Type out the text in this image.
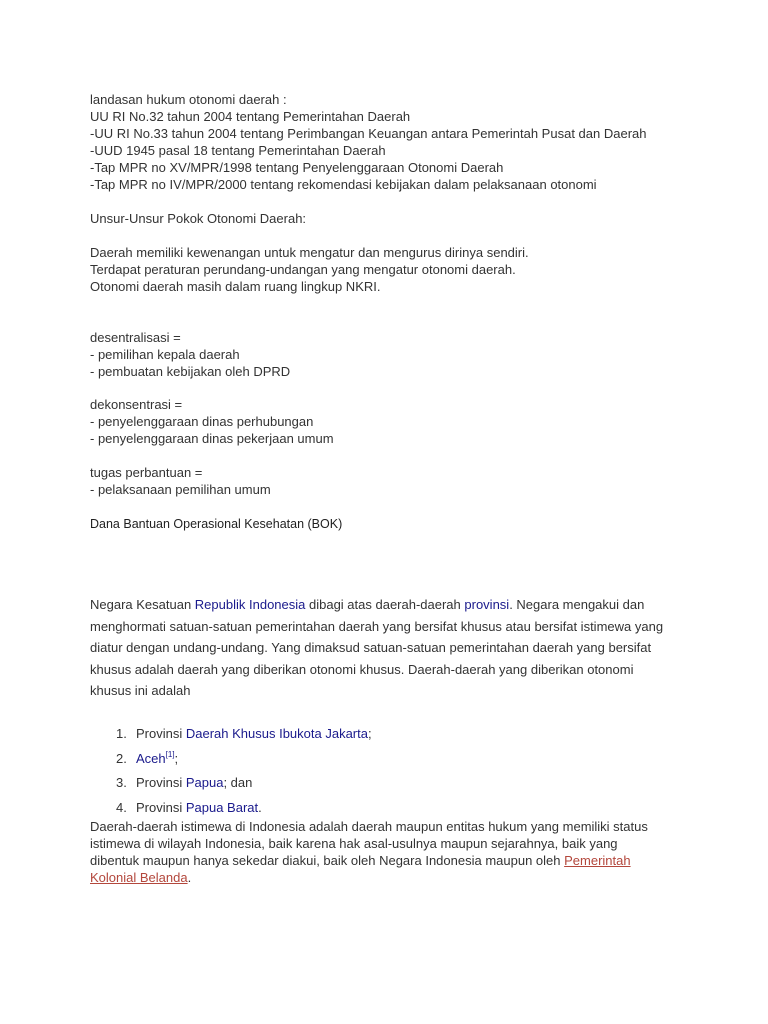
landasan hukum otonomi daerah :
UU RI No.32 tahun 2004 tentang Pemerintahan Daerah
-UU RI No.33 tahun 2004 tentang Perimbangan Keuangan antara Pemerintah Pusat dan Daerah
-UUD 1945 pasal 18 tentang Pemerintahan Daerah
-Tap MPR no XV/MPR/1998 tentang Penyelenggaraan Otonomi Daerah
-Tap MPR no IV/MPR/2000 tentang rekomendasi kebijakan dalam pelaksanaan otonomi
Unsur-Unsur Pokok Otonomi Daerah:
Daerah memiliki kewenangan untuk mengatur dan mengurus dirinya sendiri.
Terdapat peraturan perundang-undangan yang mengatur otonomi daerah.
Otonomi daerah masih dalam ruang lingkup NKRI.
desentralisasi =
- pemilihan kepala daerah
- pembuatan kebijakan oleh DPRD
dekonsentrasi =
- penyelenggaraan dinas perhubungan
- penyelenggaraan dinas pekerjaan umum
tugas perbantuan =
- pelaksanaan pemilihan umum
Dana Bantuan Operasional Kesehatan (BOK)
Negara Kesatuan Republik Indonesia dibagi atas daerah-daerah provinsi. Negara mengakui dan
menghormati satuan-satuan pemerintahan daerah yang bersifat khusus atau bersifat istimewa yang
diatur dengan undang-undang. Yang dimaksud satuan-satuan pemerintahan daerah yang bersifat
khusus adalah daerah yang diberikan otonomi khusus. Daerah-daerah yang diberikan otonomi
khusus ini adalah
1. Provinsi Daerah Khusus Ibukota Jakarta;
2. Aceh[1];
3. Provinsi Papua; dan
4. Provinsi Papua Barat.
Daerah-daerah istimewa di Indonesia adalah daerah maupun entitas hukum yang memiliki status
istimewa di wilayah Indonesia, baik karena hak asal-usulnya maupun sejarahnya, baik yang
dibentuk maupun hanya sekedar diakui, baik oleh Negara Indonesia maupun oleh Pemerintah
Kolonial Belanda.
